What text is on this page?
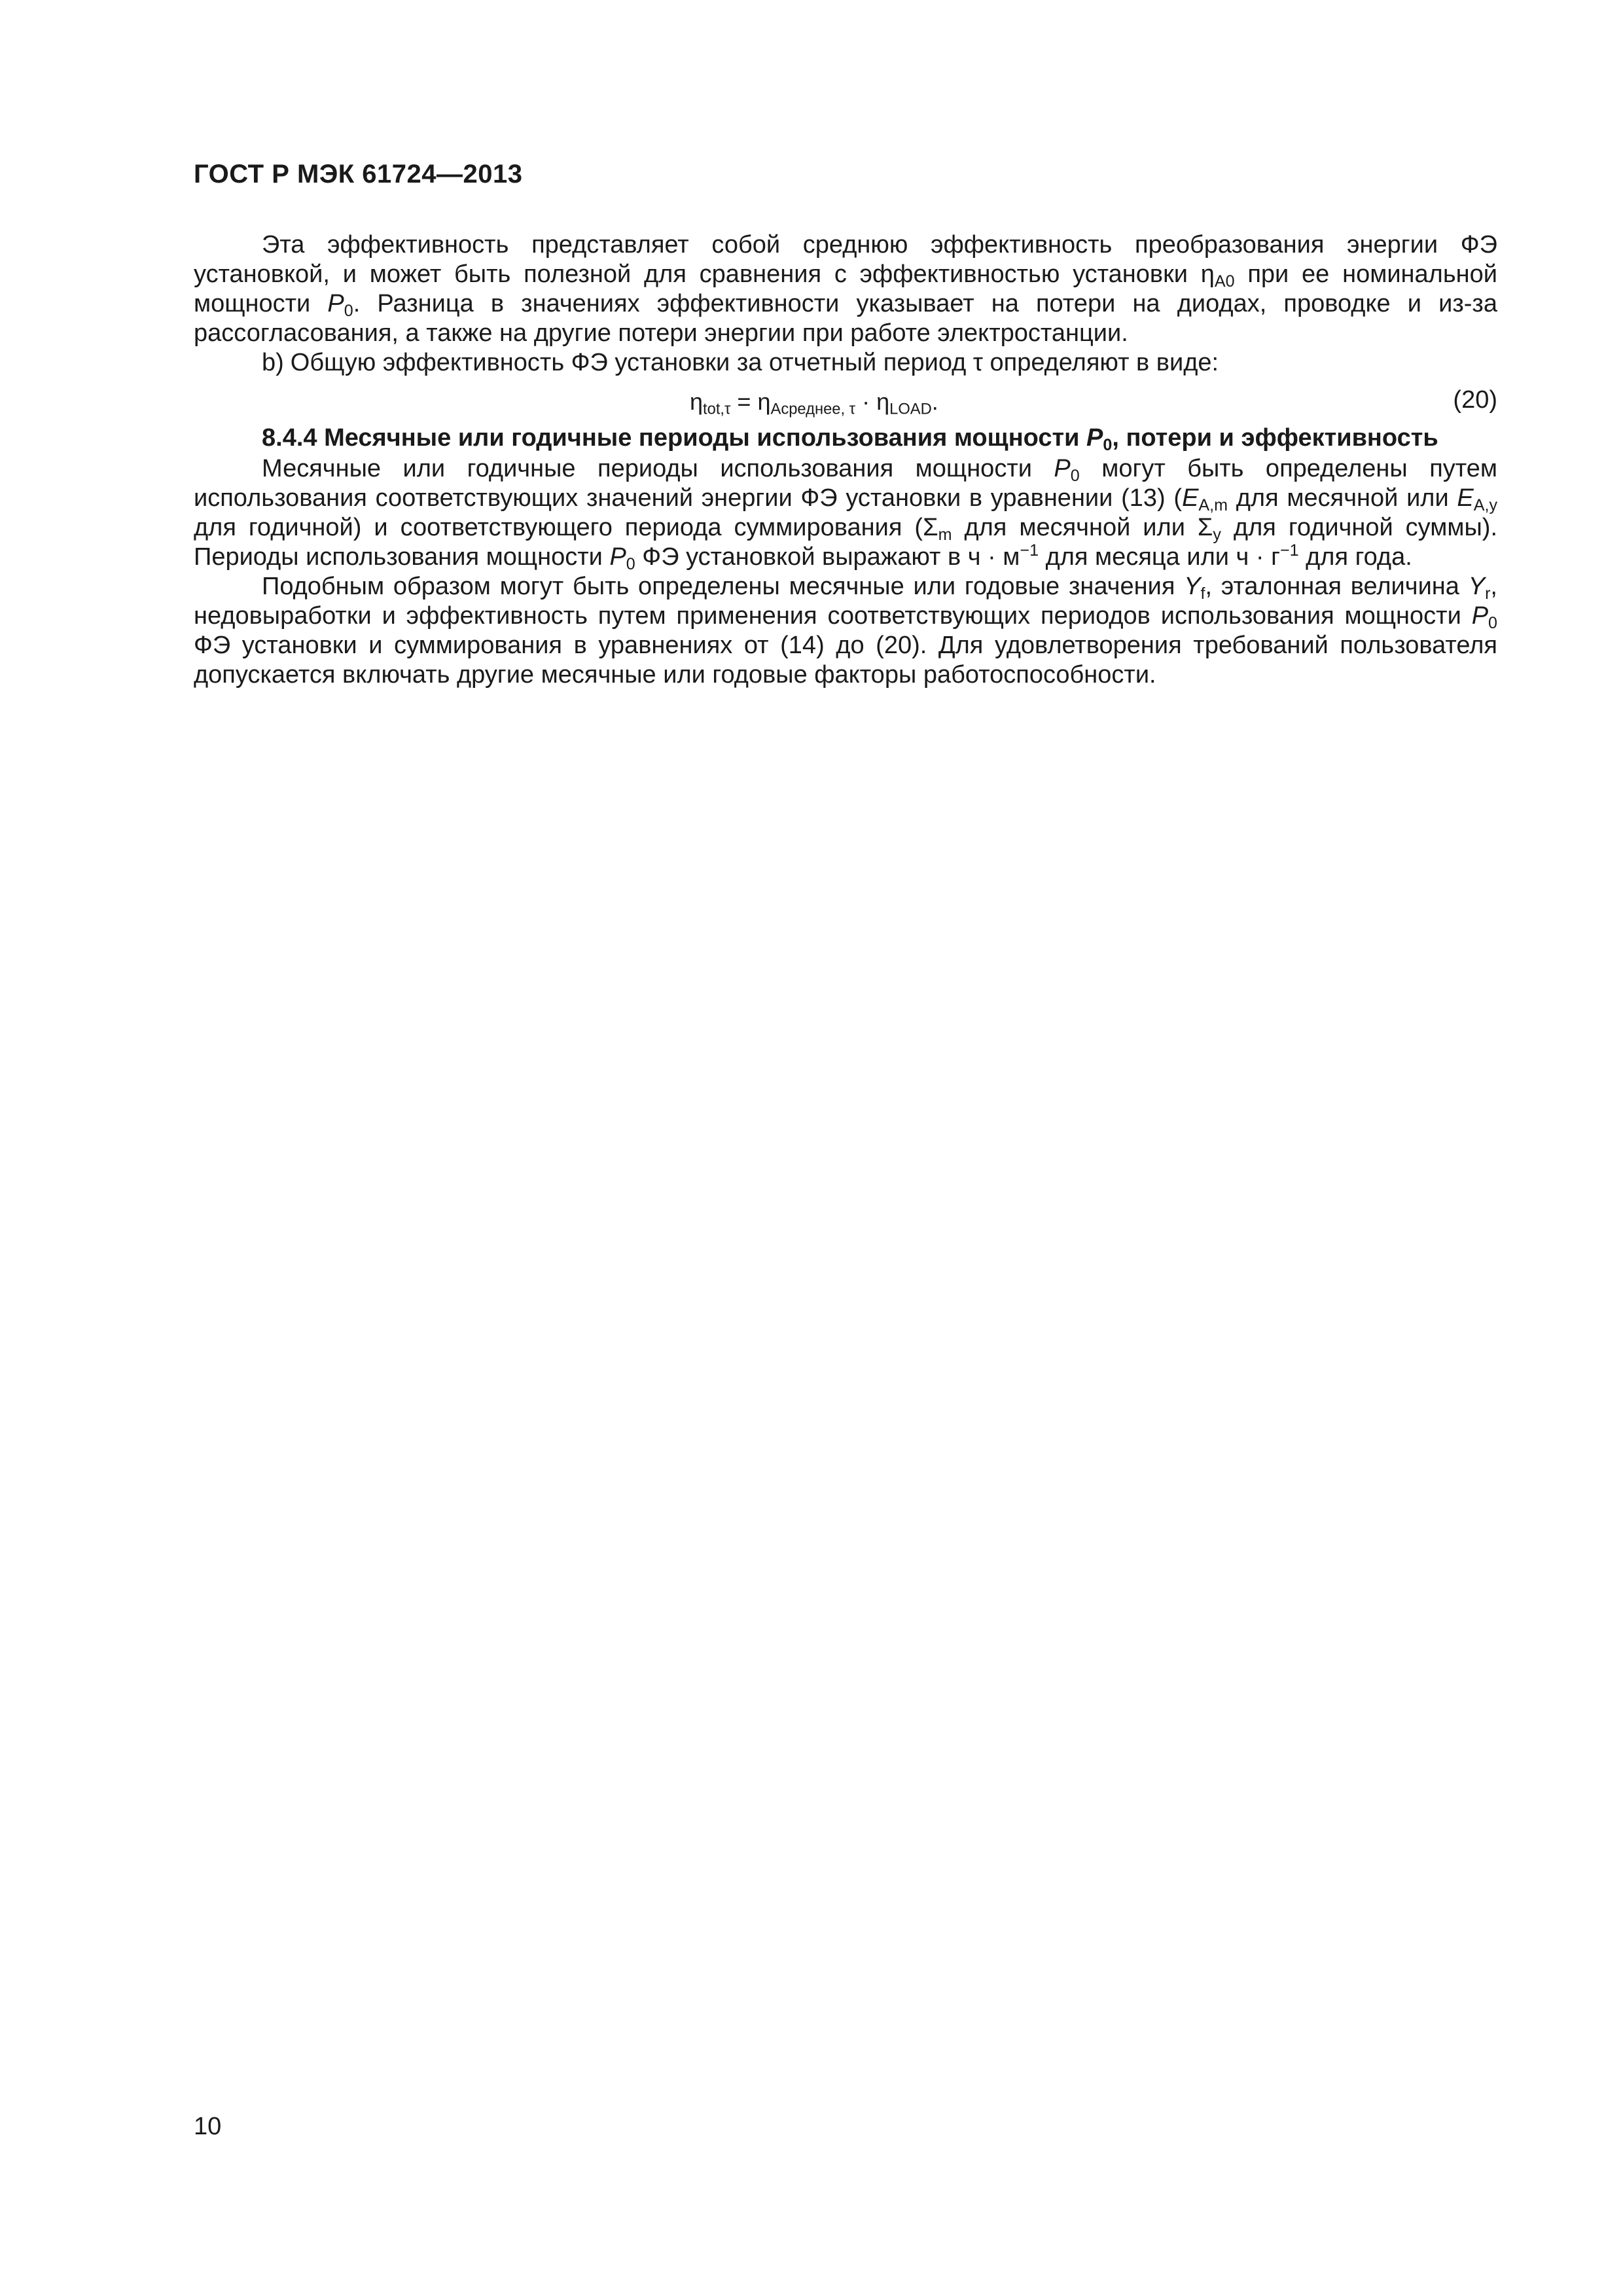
ГОСТ Р МЭК 61724—2013

Эта эффективность представляет собой среднюю эффективность преобразования энергии ФЭ установкой, и может быть полезной для сравнения с эффективностью установки $\eta_{A0}$ при ее номинальной мощности $P_0$. Разница в значениях эффективности указывает на потери на диодах, проводке и из-за рассогласования, а также на другие потери энергии при работе электростанции.

b) Общую эффективность ФЭ установки за отчетный период τ определяют в виде:

$\eta_{tot,\tau} = \eta_{Acреднее, \tau} \cdot \eta_{LOAD}$.	(20)

8.4.4 Месячные или годичные периоды использования мощности $P_0$, потери и эффективность

Месячные или годичные периоды использования мощности $P_0$ могут быть определены путем использования соответствующих значений энергии ФЭ установки в уравнении (13) ($E_{A,m}$ для месячной или $E_{A,y}$ для годичной) и соответствующего периода суммирования ($\Sigma_m$ для месячной или $\Sigma_y$ для годичной суммы). Периоды использования мощности $P_0$ ФЭ установкой выражают в $ч \cdot м^{-1}$ для месяца или $ч \cdot г^{-1}$ для года.

Подобным образом могут быть определены месячные или годовые значения $Y_f$, эталонная величина $Y_r$, недовыработки и эффективность путем применения соответствующих периодов использования мощности $P_0$ ФЭ установки и суммирования в уравнениях от (14) до (20). Для удовлетворения требований пользователя допускается включать другие месячные или годовые факторы работоспособности.

10
